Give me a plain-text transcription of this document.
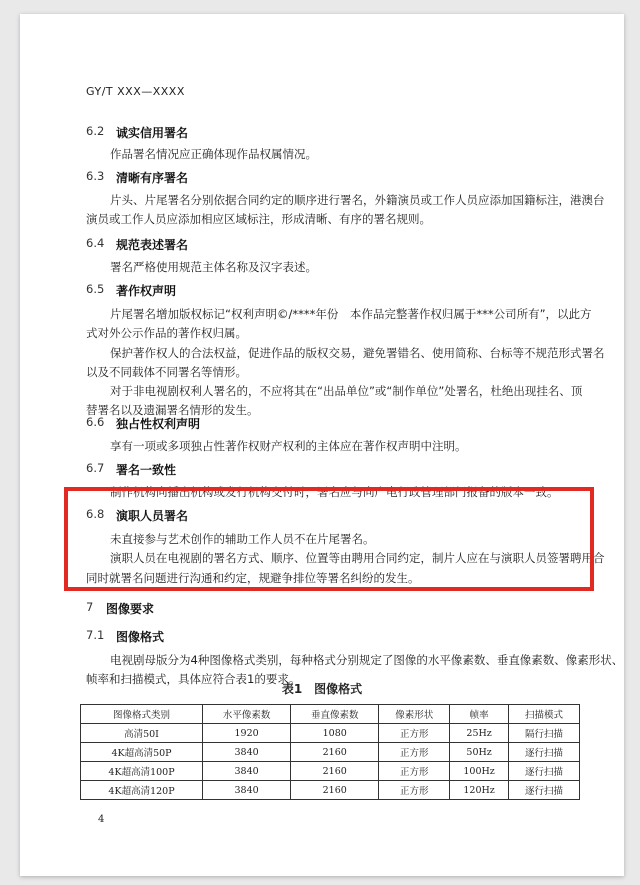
GY/T XXX—XXXX
6.2 诚实信用署名
作品署名情况应正确体现作品权属情况。
6.3 清晰有序署名
片头、片尾署名分别依据合同约定的顺序进行署名，外籍演员或工作人员应添加国籍标注，港澳台
演员或工作人员应添加相应区域标注，形成清晰、有序的署名规则。
6.4 规范表述署名
署名严格使用规范主体名称及汉字表述。
6.5 著作权声明
片尾署名增加版权标记“权利声明©/****年份　本作品完整著作权归属于***公司所有”，以此方
式对外公示作品的著作权归属。
保护著作权人的合法权益，促进作品的版权交易，避免署错名、使用简称、台标等不规范形式署名
以及不同载体不同署名等情形。
对于非电视剧权利人署名的，不应将其在“出品单位”或“制作单位”处署名，杜绝出现挂名、顶
替署名以及遗漏署名情形的发生。
6.6 独占性权利声明
享有一项或多项独占性著作权财产权利的主体应在著作权声明中注明。
6.7 署名一致性
制作机构向播出机构或发行机构交付时，署名应与向广电行政管理部门报备的版本一致。
6.8 演职人员署名
未直接参与艺术创作的辅助工作人员不在片尾署名。
演职人员在电视剧的署名方式、顺序、位置等由聘用合同约定，制片人应在与演职人员签署聘用合
同时就署名问题进行沟通和约定，规避争排位等署名纠纷的发生。
7 图像要求
7.1 图像格式
电视剧母版分为4种图像格式类别，每种格式分别规定了图像的水平像素数、垂直像素数、像素形状、
帧率和扫描模式，具体应符合表1的要求。
表1　图像格式
图像格式类别	水平像素数	垂直像素数	像素形状	帧率	扫描模式
高清50I	1920	1080	正方形	25Hz	隔行扫描
4K超高清50P	3840	2160	正方形	50Hz	逐行扫描
4K超高清100P	3840	2160	正方形	100Hz	逐行扫描
4K超高清120P	3840	2160	正方形	120Hz	逐行扫描
4
